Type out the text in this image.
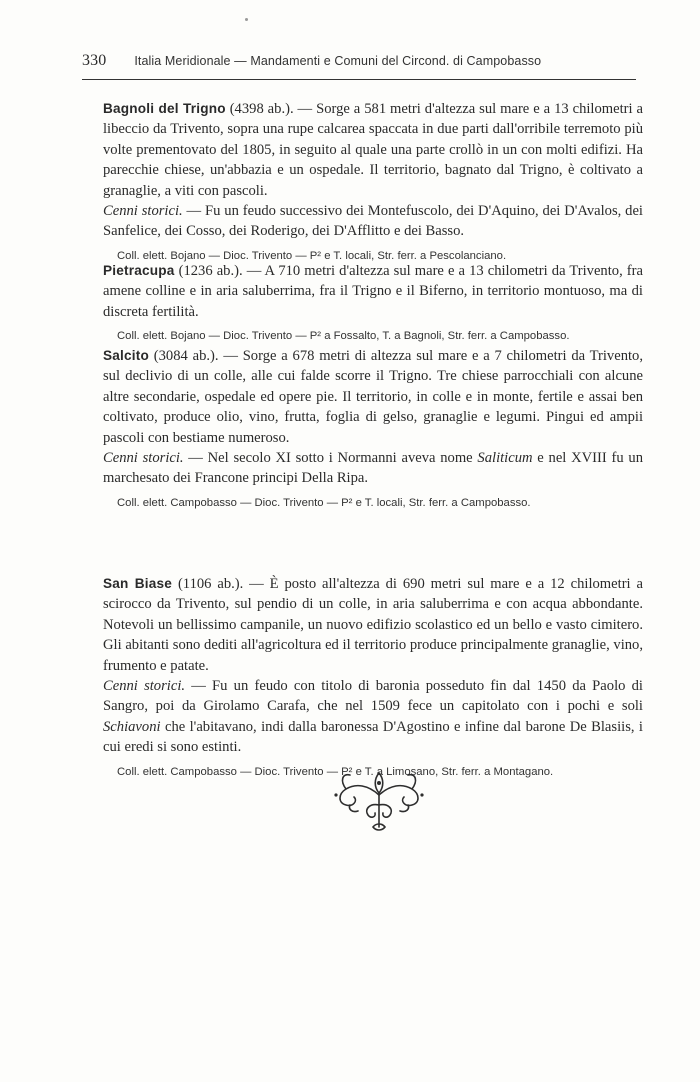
330 Italia Meridionale — Mandamenti e Comuni del Circond. di Campobasso

Bagnoli del Trigno (4398 ab.). — Sorge a 581 metri d'altezza sul mare e a 13 chilometri a libeccio da Trivento, sopra una rupe calcarea spaccata in due parti dall'orribile terremoto più volte prementovato del 1805, in seguito al quale una parte crollò in un con molti edifizi. Ha parecchie chiese, un'abbazia e un ospedale. Il territorio, bagnato dal Trigno, è coltivato a granaglie, a viti con pascoli.

Cenni storici. — Fu un feudo successivo dei Montefuscolo, dei D'Aquino, dei D'Avalos, dei Sanfelice, dei Cosso, dei Roderigo, dei D'Afflitto e dei Basso.

Coll. elett. Bojano — Dioc. Trivento — P² e T. locali, Str. ferr. a Pescolanciano.

Pietracupa (1236 ab.). — A 710 metri d'altezza sul mare e a 13 chilometri da Trivento, fra amene colline e in aria saluberrima, fra il Trigno e il Biferno, in territorio montuoso, ma di discreta fertilità.

Coll. elett. Bojano — Dioc. Trivento — P² a Fossalto, T. a Bagnoli, Str. ferr. a Campobasso.

Salcito (3084 ab.). — Sorge a 678 metri di altezza sul mare e a 7 chilometri da Trivento, sul declivio di un colle, alle cui falde scorre il Trigno. Tre chiese parrocchiali con alcune altre secondarie, ospedale ed opere pie. Il territorio, in colle e in monte, fertile e assai ben coltivato, produce olio, vino, frutta, foglia di gelso, granaglie e legumi. Pingui ed ampii pascoli con bestiame numeroso.

Cenni storici. — Nel secolo XI sotto i Normanni aveva nome Saliticum e nel XVIII fu un marchesato dei Francone principi Della Ripa.

Coll. elett. Campobasso — Dioc. Trivento — P² e T. locali, Str. ferr. a Campobasso.

San Biase (1106 ab.). — È posto all'altezza di 690 metri sul mare e a 12 chilometri a scirocco da Trivento, sul pendio di un colle, in aria saluberrima e con acqua abbondante. Notevoli un bellissimo campanile, un nuovo edifizio scolastico ed un bello e vasto cimitero. Gli abitanti sono dediti all'agricoltura ed il territorio produce principalmente granaglie, vino, frumento e patate.

Cenni storici. — Fu un feudo con titolo di baronia posseduto fin dal 1450 da Paolo di Sangro, poi da Girolamo Carafa, che nel 1509 fece un capitolato con i pochi e soli Schiavoni che l'abitavano, indi dalla baronessa D'Agostino e infine dal barone De Blasiis, i cui eredi si sono estinti.

Coll. elett. Campobasso — Dioc. Trivento — P² e T. a Limosano, Str. ferr. a Montagano.
